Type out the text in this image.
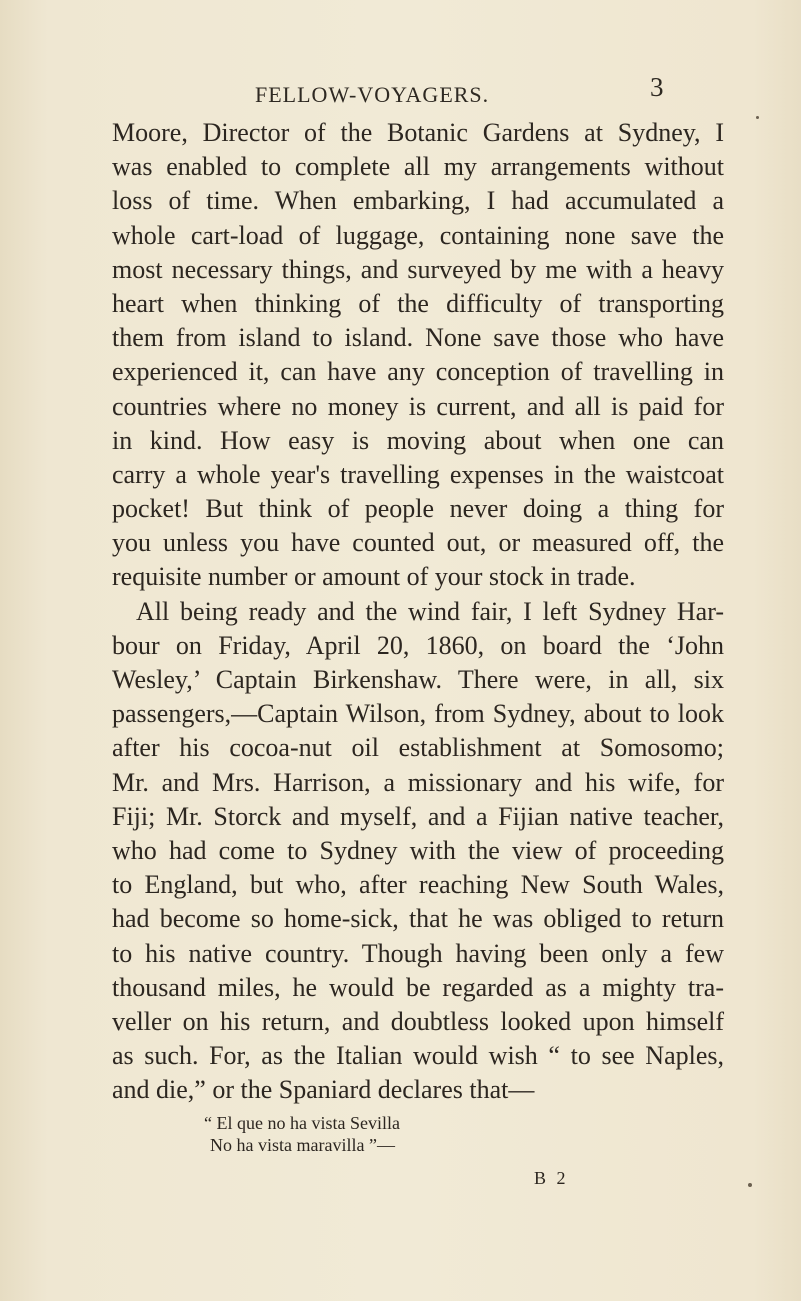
FELLOW-VOYAGERS.	3
Moore, Director of the Botanic Gardens at Sydney, I
was enabled to complete all my arrangements without
loss of time. When embarking, I had accumulated a
whole cart-load of luggage, containing none save the
most necessary things, and surveyed by me with a heavy
heart when thinking of the difficulty of transporting
them from island to island. None save those who have
experienced it, can have any conception of travelling in
countries where no money is current, and all is paid for
in kind. How easy is moving about when one can
carry a whole year's travelling expenses in the waistcoat
pocket! But think of people never doing a thing for
you unless you have counted out, or measured off, the
requisite number or amount of your stock in trade.
All being ready and the wind fair, I left Sydney Har-
bour on Friday, April 20, 1860, on board the ‘John
Wesley,’ Captain Birkenshaw. There were, in all, six
passengers,—Captain Wilson, from Sydney, about to look
after his cocoa-nut oil establishment at Somosomo;
Mr. and Mrs. Harrison, a missionary and his wife, for
Fiji; Mr. Storck and myself, and a Fijian native teacher,
who had come to Sydney with the view of proceeding
to England, but who, after reaching New South Wales,
had become so home-sick, that he was obliged to return
to his native country. Though having been only a few
thousand miles, he would be regarded as a mighty tra-
veller on his return, and doubtless looked upon himself
as such. For, as the Italian would wish “ to see Naples,
and die,” or the Spaniard declares that—
“ El que no ha vista Sevilla
No ha vista maravilla ”—
B 2
